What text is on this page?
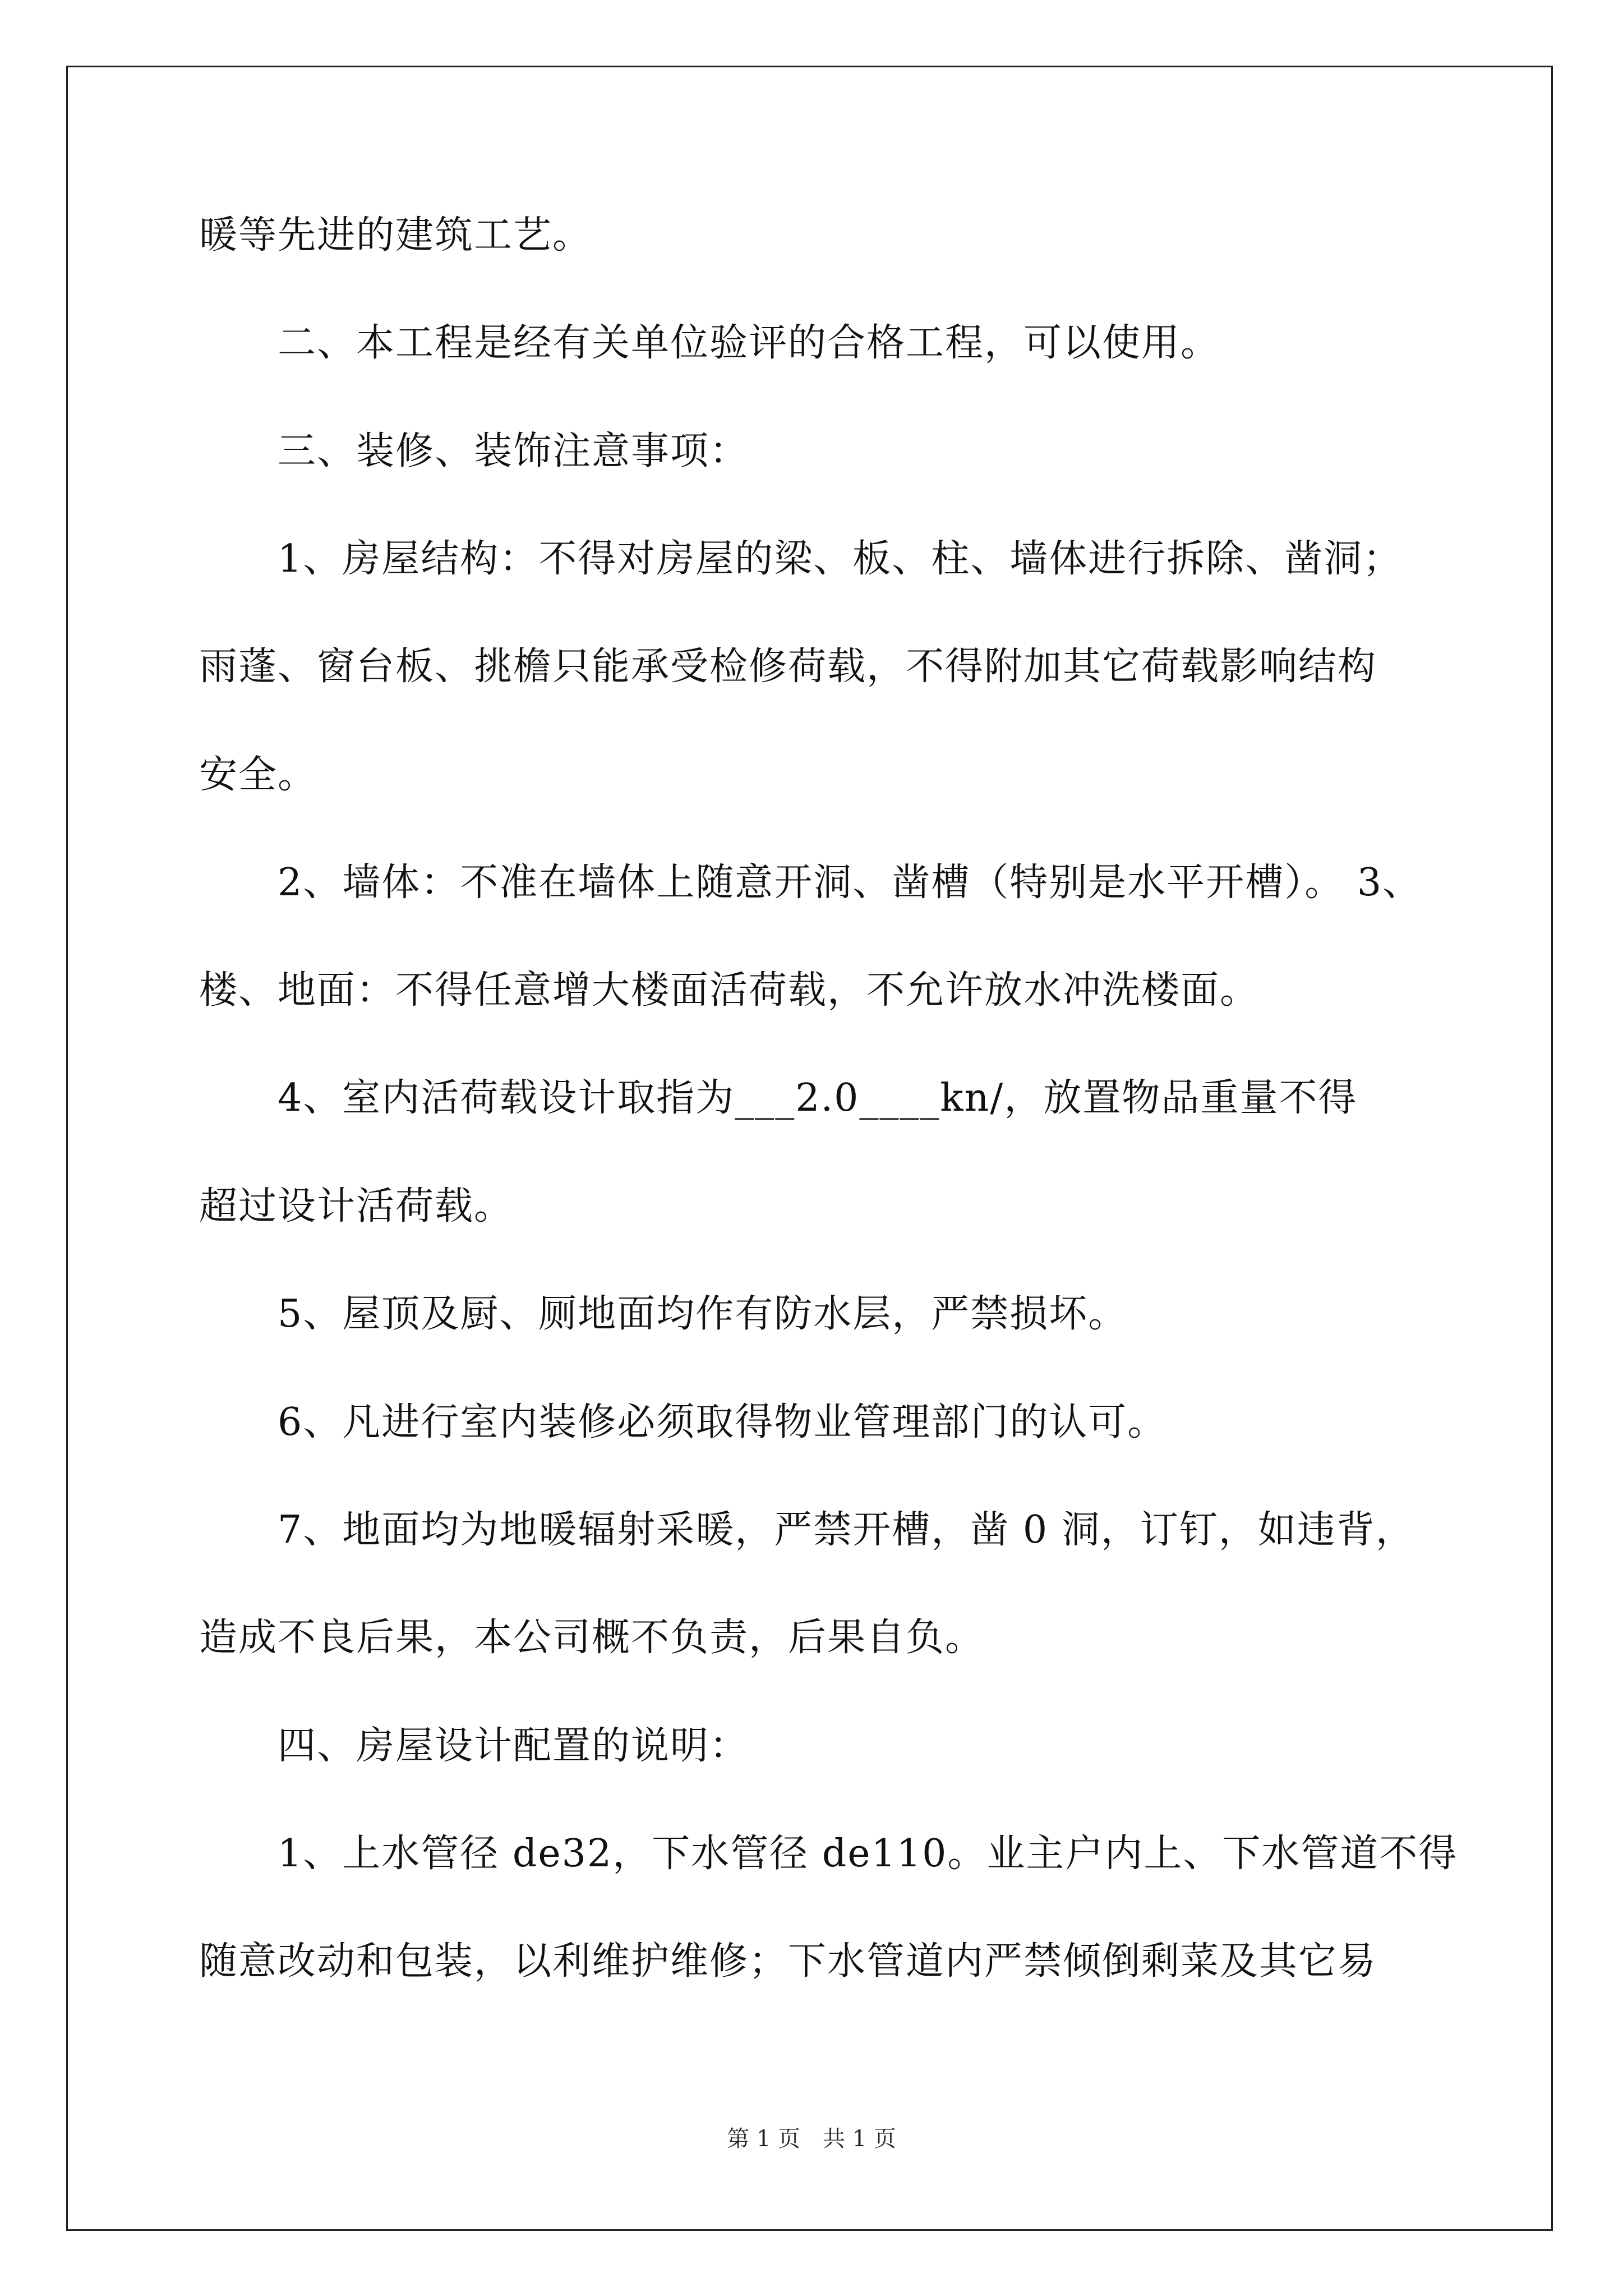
暖等先进的建筑工艺。
　　二、本工程是经有关单位验评的合格工程，可以使用。
　　三、装修、装饰注意事项：
　　1、房屋结构：不得对房屋的梁、板、柱、墙体进行拆除、凿洞；
雨蓬、窗台板、挑檐只能承受检修荷载，不得附加其它荷载影响结构
安全。
　　2、墙体：不准在墙体上随意开洞、凿槽（特别是水平开槽）。 3、
楼、地面：不得任意增大楼面活荷载，不允许放水冲洗楼面。
　　4、室内活荷载设计取指为___2.0____kn/，放置物品重量不得
超过设计活荷载。
　　5、屋顶及厨、厕地面均作有防水层，严禁损坏。
　　6、凡进行室内装修必须取得物业管理部门的认可。
　　7、地面均为地暖辐射采暖，严禁开槽，凿 0 洞，订钉，如违背，
造成不良后果，本公司概不负责，后果自负。
　　四、房屋设计配置的说明：
　　1、上水管径 de32，下水管径 de110。业主户内上、下水管道不得
随意改动和包装，以利维护维修；下水管道内严禁倾倒剩菜及其它易
第 1 页　共 1 页
